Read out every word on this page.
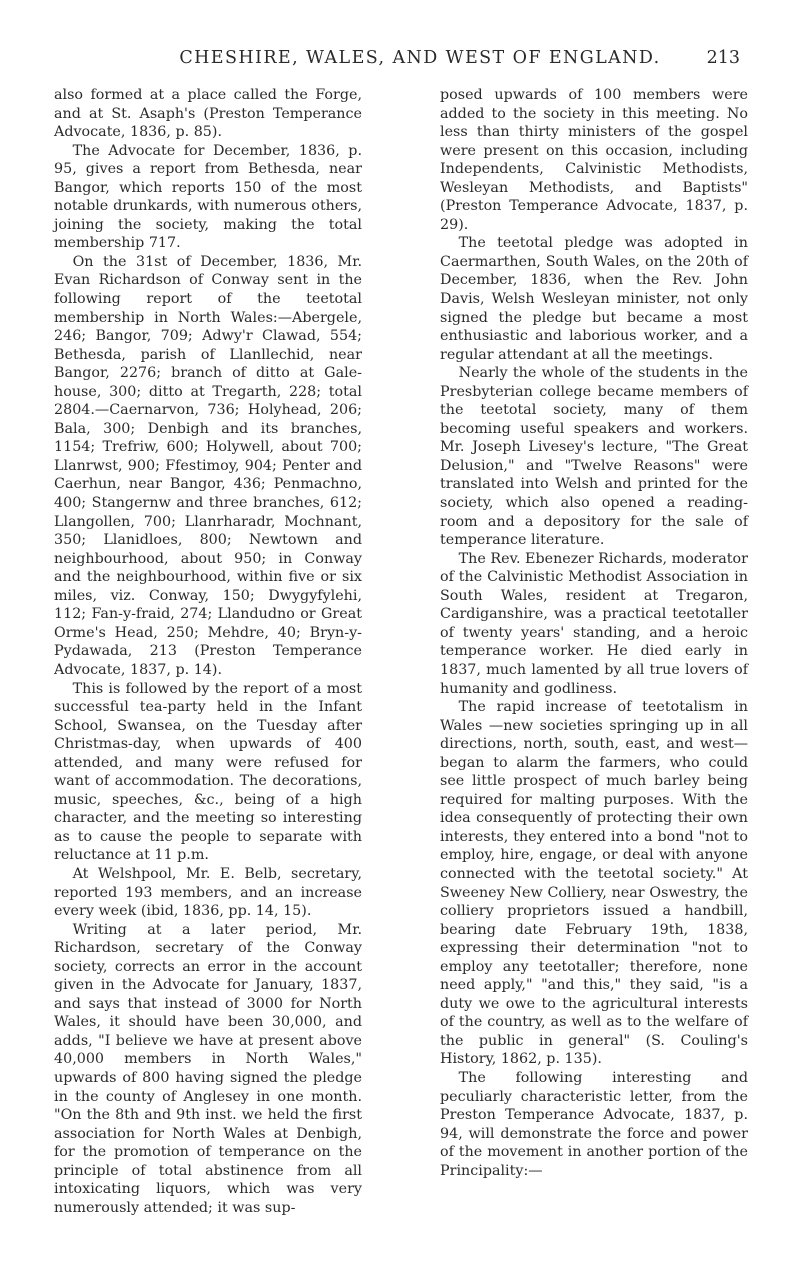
CHESHIRE, WALES, AND WEST OF ENGLAND.	213

also formed at a place called the Forge, and at St. Asaph's (Preston Temperance Advocate, 1836, p. 85).

The Advocate for December, 1836, p. 95, gives a report from Bethesda, near Bangor, which reports 150 of the most notable drunkards, with numerous others, joining the society, making the total membership 717.

On the 31st of December, 1836, Mr. Evan Richardson of Conway sent in the following report of the teetotal membership in North Wales:—Abergele, 246; Bangor, 709; Adwy'r Clawad, 554; Bethesda, parish of Llanllechid, near Bangor, 2276; branch of ditto at Gale-house, 300; ditto at Tregarth, 228; total 2804.—Caernarvon, 736; Holyhead, 206; Bala, 300; Denbigh and its branches, 1154; Trefriw, 600; Holywell, about 700; Llanrwst, 900; Ffestimoy, 904; Penter and Caerhun, near Bangor, 436; Penmachno, 400; Stangernw and three branches, 612; Llangollen, 700; Llanrharadr, Mochnant, 350; Llanidloes, 800; Newtown and neighbourhood, about 950; in Conway and the neighbourhood, within five or six miles, viz. Conway, 150; Dwygyfylehi, 112; Fan-y-fraid, 274; Llandudno or Great Orme's Head, 250; Mehdre, 40; Bryn-y-Pydawada, 213 (Preston Temperance Advocate, 1837, p. 14).

This is followed by the report of a most successful tea-party held in the Infant School, Swansea, on the Tuesday after Christmas-day, when upwards of 400 attended, and many were refused for want of accommodation. The decorations, music, speeches, &c., being of a high character, and the meeting so interesting as to cause the people to separate with reluctance at 11 p.m.

At Welshpool, Mr. E. Belb, secretary, reported 193 members, and an increase every week (ibid, 1836, pp. 14, 15).

Writing at a later period, Mr. Richardson, secretary of the Conway society, corrects an error in the account given in the Advocate for January, 1837, and says that instead of 3000 for North Wales, it should have been 30,000, and adds, "I believe we have at present above 40,000 members in North Wales," upwards of 800 having signed the pledge in the county of Anglesey in one month. "On the 8th and 9th inst. we held the first association for North Wales at Denbigh, for the promotion of temperance on the principle of total abstinence from all intoxicating liquors, which was very numerously attended; it was sup-

posed upwards of 100 members were added to the society in this meeting. No less than thirty ministers of the gospel were present on this occasion, including Independents, Calvinistic Methodists, Wesleyan Methodists, and Baptists" (Preston Temperance Advocate, 1837, p. 29).

The teetotal pledge was adopted in Caermarthen, South Wales, on the 20th of December, 1836, when the Rev. John Davis, Welsh Wesleyan minister, not only signed the pledge but became a most enthusiastic and laborious worker, and a regular attendant at all the meetings.

Nearly the whole of the students in the Presbyterian college became members of the teetotal society, many of them becoming useful speakers and workers. Mr. Joseph Livesey's lecture, "The Great Delusion," and "Twelve Reasons" were translated into Welsh and printed for the society, which also opened a reading-room and a depository for the sale of temperance literature.

The Rev. Ebenezer Richards, moderator of the Calvinistic Methodist Association in South Wales, resident at Tregaron, Cardiganshire, was a practical teetotaller of twenty years' standing, and a heroic temperance worker. He died early in 1837, much lamented by all true lovers of humanity and godliness.

The rapid increase of teetotalism in Wales —new societies springing up in all directions, north, south, east, and west—began to alarm the farmers, who could see little prospect of much barley being required for malting purposes. With the idea consequently of protecting their own interests, they entered into a bond "not to employ, hire, engage, or deal with anyone connected with the teetotal society." At Sweeney New Colliery, near Oswestry, the colliery proprietors issued a handbill, bearing date February 19th, 1838, expressing their determination "not to employ any teetotaller; therefore, none need apply," "and this," they said, "is a duty we owe to the agricultural interests of the country, as well as to the welfare of the public in general" (S. Couling's History, 1862, p. 135).

The following interesting and peculiarly characteristic letter, from the Preston Temperance Advocate, 1837, p. 94, will demonstrate the force and power of the movement in another portion of the Principality:—
